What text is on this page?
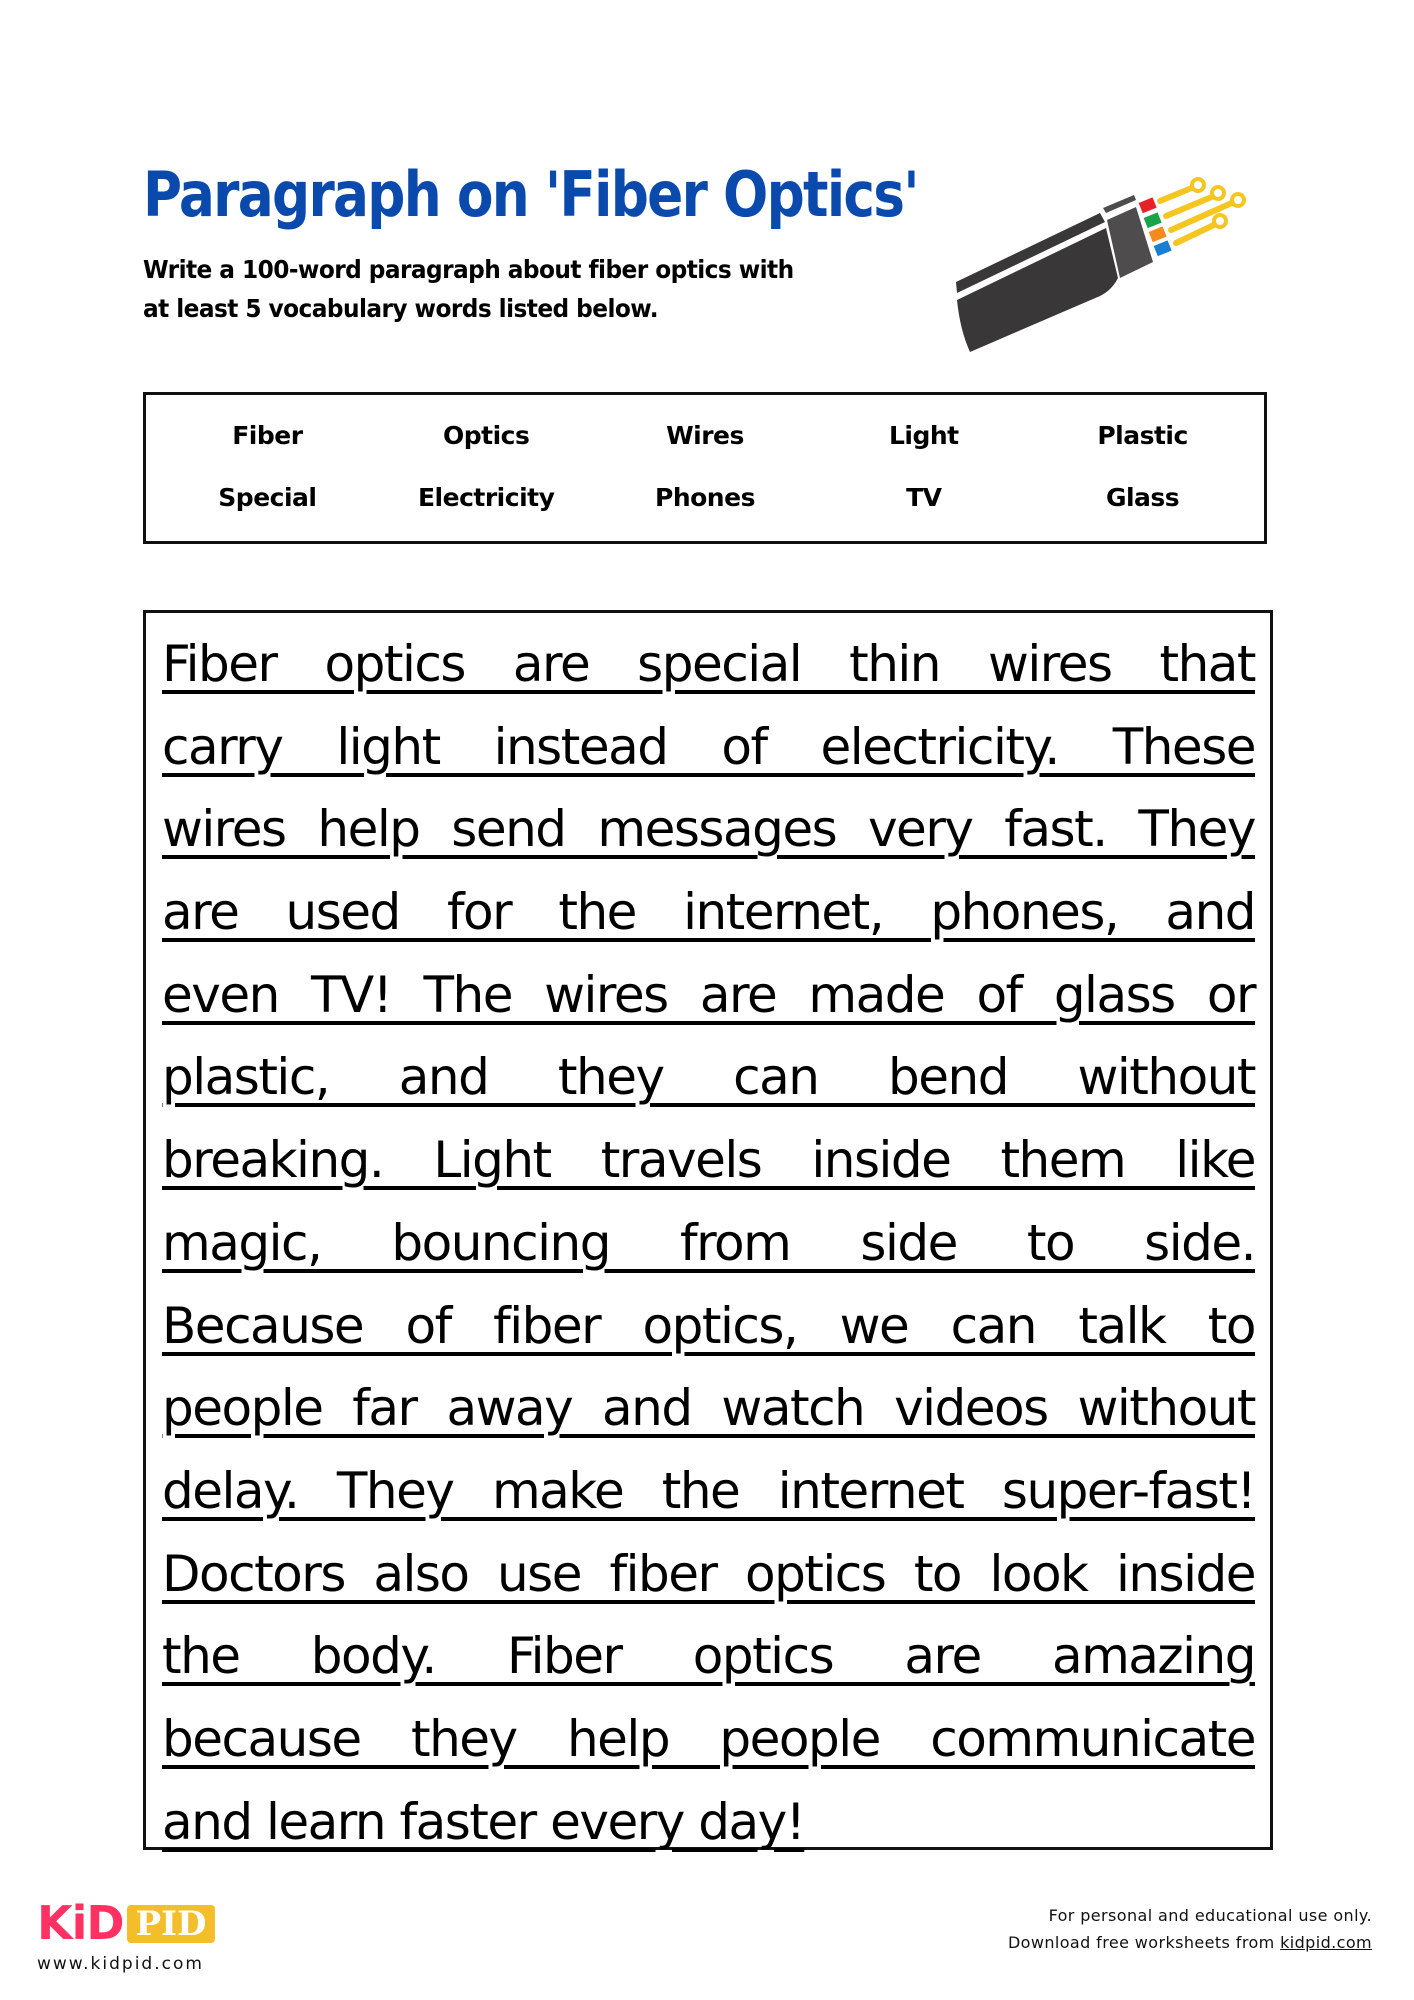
Paragraph on 'Fiber Optics'
Write a 100-word paragraph about fiber optics with
at least 5 vocabulary words listed below.
Fiber	Optics	Wires	Light	Plastic
Special	Electricity	Phones	TV	Glass
Fiber optics are special thin wires that
carry light instead of electricity. These
wires help send messages very fast. They
are used for the internet, phones, and
even TV! The wires are made of glass or
plastic, and they can bend without
breaking. Light travels inside them like
magic, bouncing from side to side.
Because of fiber optics, we can talk to
people far away and watch videos without
delay. They make the internet super-fast!
Doctors also use fiber optics to look inside
the body. Fiber optics are amazing
because they help people communicate
and learn faster every day!
KiD PID
www.kidpid.com
For personal and educational use only.
Download free worksheets from kidpid.com
